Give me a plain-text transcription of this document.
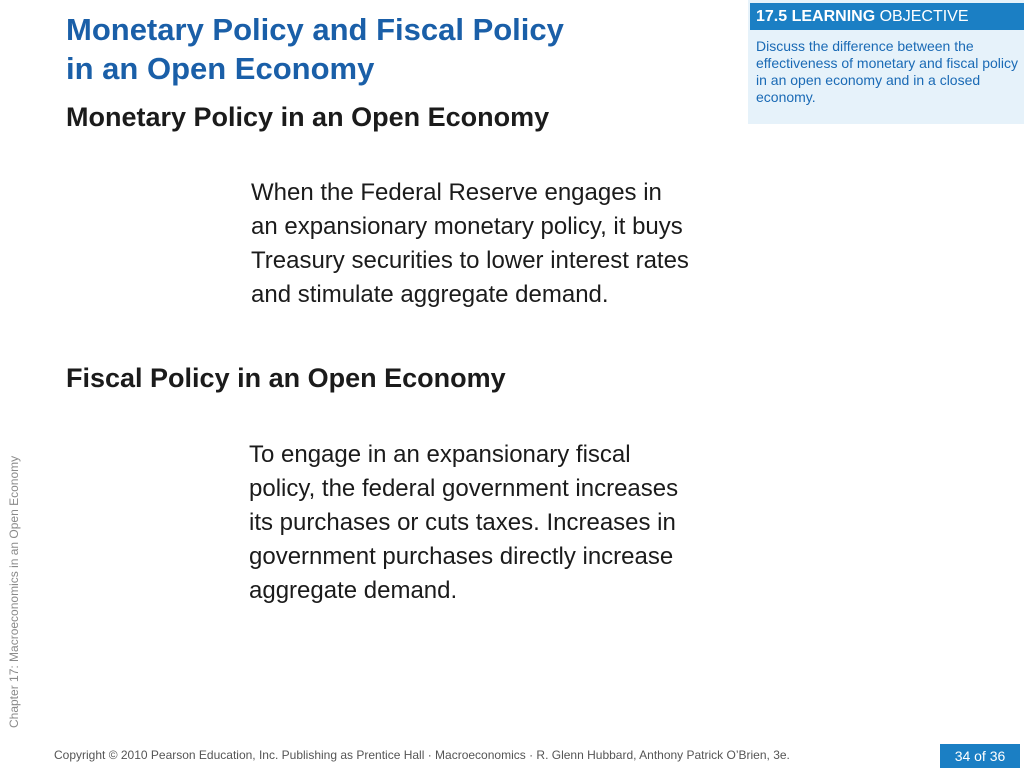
Monetary Policy and Fiscal Policy
in an Open Economy
17.5 LEARNING OBJECTIVE
Discuss the difference between the effectiveness of monetary and fiscal policy in an open economy and in a closed economy.
Monetary Policy in an Open Economy
When the Federal Reserve engages in
an expansionary monetary policy, it buys
Treasury securities to lower interest rates
and stimulate aggregate demand.
Fiscal Policy in an Open Economy
To engage in an expansionary fiscal
policy, the federal government increases
its purchases or cuts taxes. Increases in
government purchases directly increase
aggregate demand.
Chapter 17: Macroeconomics in an Open Economy
Copyright © 2010 Pearson Education, Inc. Publishing as Prentice Hall · Macroeconomics · R. Glenn Hubbard, Anthony Patrick O’Brien, 3e.	34 of 36
